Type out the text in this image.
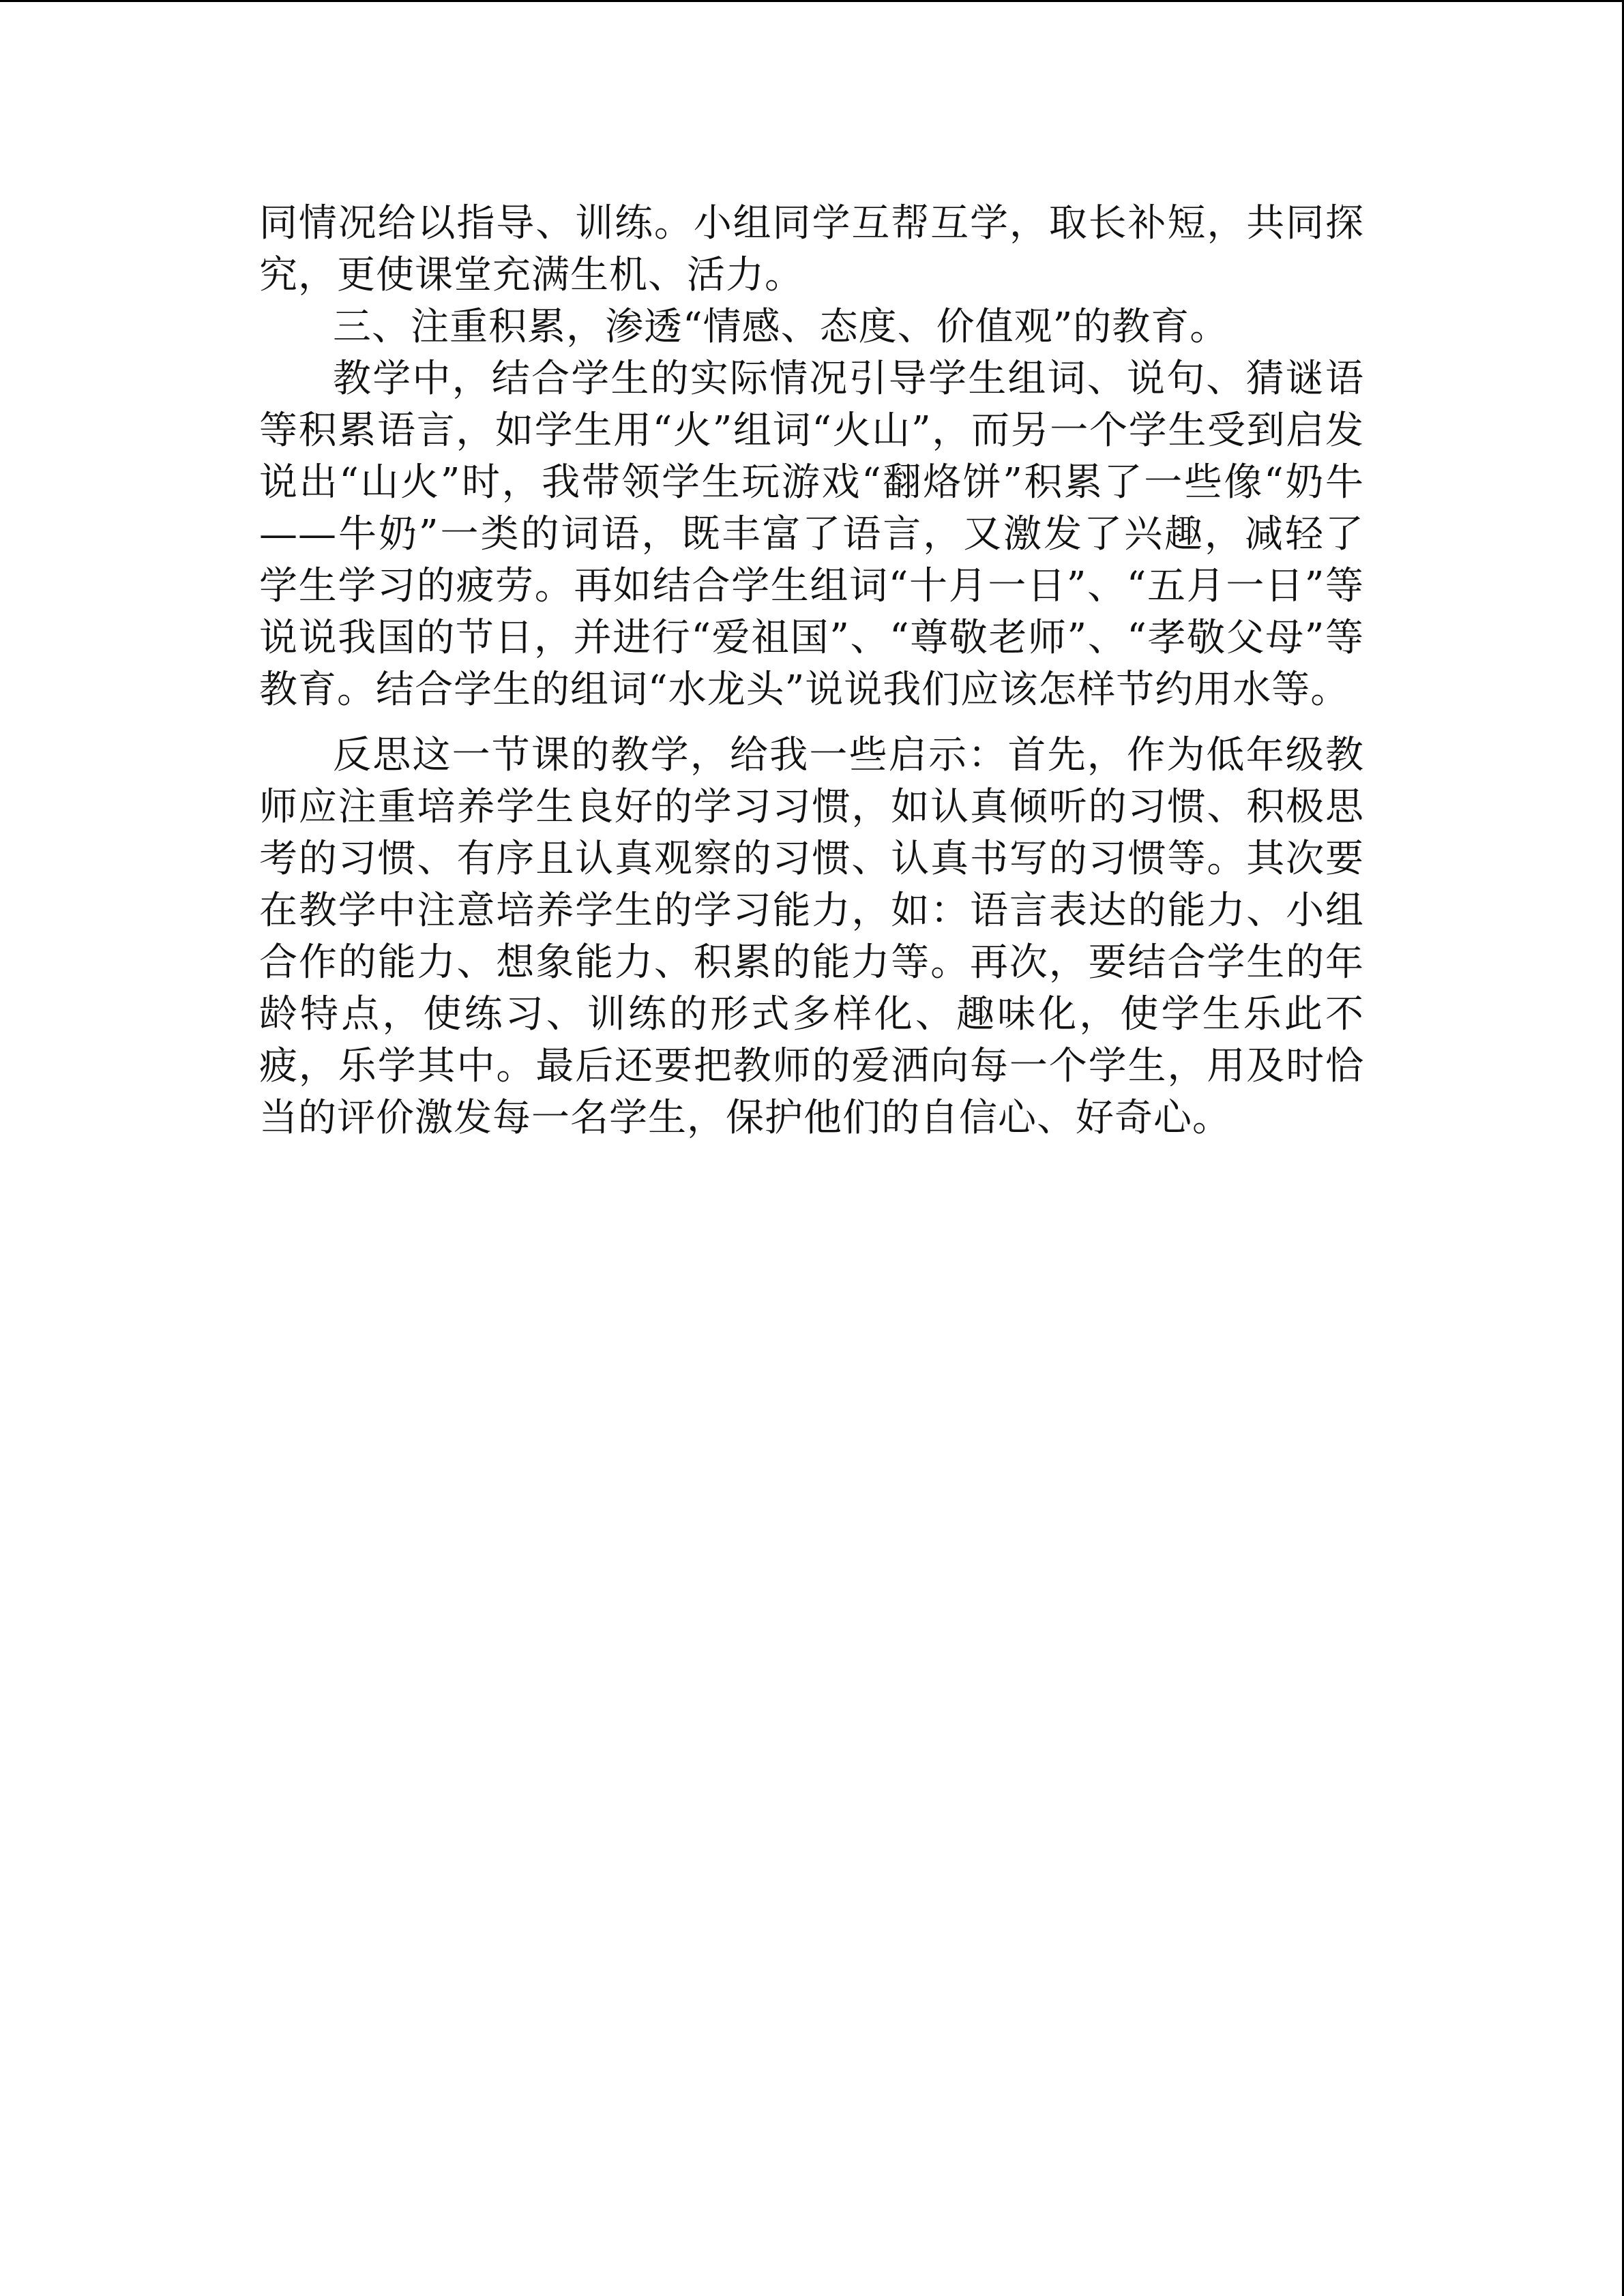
同情况给以指导、训练。小组同学互帮互学，取长补短，共同探究，更使课堂充满生机、活力。

三、注重积累，渗透“情感、态度、价值观”的教育。

教学中，结合学生的实际情况引导学生组词、说句、猜谜语等积累语言，如学生用“火”组词“火山”，而另一个学生受到启发说出“山火”时，我带领学生玩游戏“翻烙饼”积累了一些像“奶牛——牛奶”一类的词语，既丰富了语言，又激发了兴趣，减轻了学生学习的疲劳。再如结合学生组词“十月一日”、“五月一日”等说说我国的节日，并进行“爱祖国”、“尊敬老师”、“孝敬父母”等教育。结合学生的组词“水龙头”说说我们应该怎样节约用水等。

反思这一节课的教学，给我一些启示：首先，作为低年级教师应注重培养学生良好的学习习惯，如认真倾听的习惯、积极思考的习惯、有序且认真观察的习惯、认真书写的习惯等。其次要在教学中注意培养学生的学习能力，如：语言表达的能力、小组合作的能力、想象能力、积累的能力等。再次，要结合学生的年龄特点，使练习、训练的形式多样化、趣味化，使学生乐此不疲，乐学其中。最后还要把教师的爱洒向每一个学生，用及时恰当的评价激发每一名学生，保护他们的自信心、好奇心。
